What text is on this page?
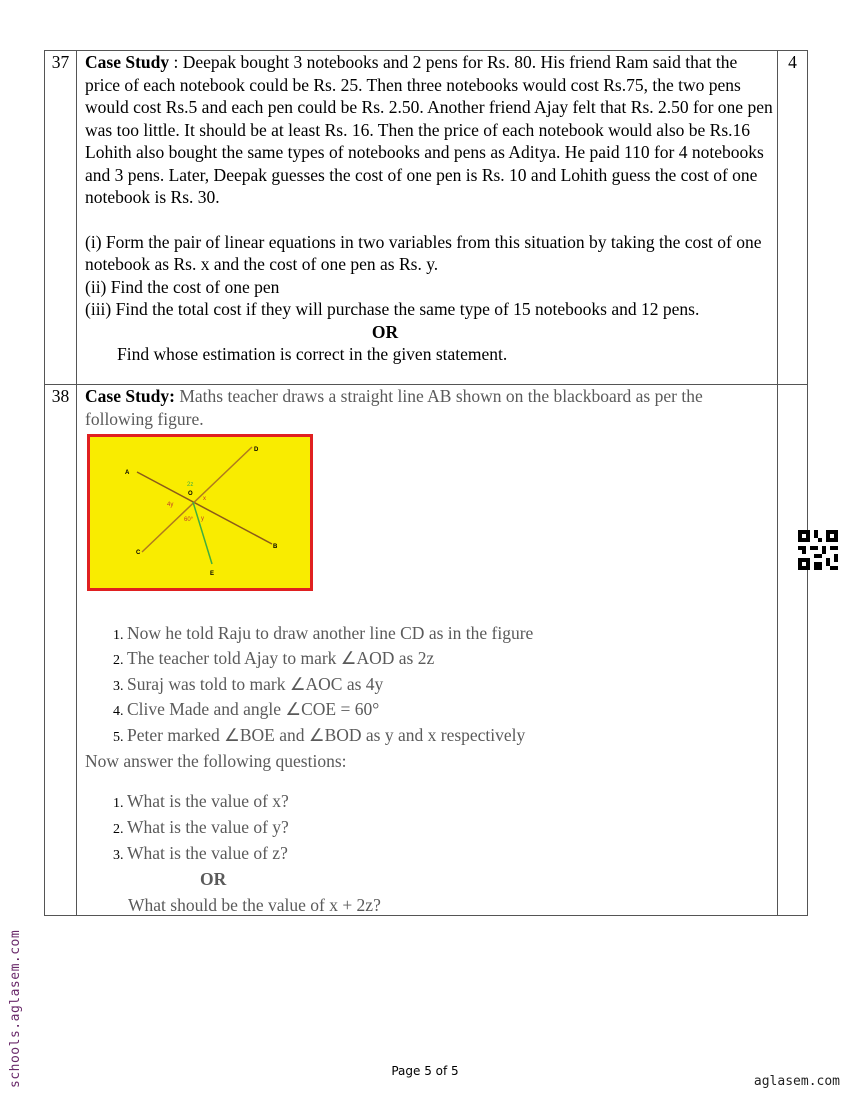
37 Case Study : Deepak bought 3 notebooks and 2 pens for Rs. 80. His friend Ram said that the price of each notebook could be Rs. 25. Then three notebooks would cost Rs.75, the two pens would cost Rs.5 and each pen could be Rs. 2.50. Another friend Ajay felt that Rs. 2.50 for one pen was too little. It should be at least Rs. 16. Then the price of each notebook would also be Rs.16

Lohith also bought the same types of notebooks and pens as Aditya. He paid 110 for 4 notebooks and 3 pens. Later, Deepak guesses the cost of one pen is Rs. 10 and Lohith guess the cost of one notebook is Rs. 30.

(i) Form the pair of linear equations in two variables from this situation by taking the cost of one notebook as Rs. x and the cost of one pen as Rs. y.

(ii) Find the cost of one pen

(iii) Find the total cost if they will purchase the same type of 15 notebooks and 12 pens.

OR

Find whose estimation is correct in the given statement.

4
38 Case Study: Maths teacher draws a straight line AB shown on the blackboard as per the following figure.

A
B
C
D
E
O
2z
x
4y
60° y
1. Now he told Raju to draw another line CD as in the figure
2. The teacher told Ajay to mark ∠AOD as 2z
3. Suraj was told to mark ∠AOC as 4y
4. Clive Made and angle ∠COE = 60°
5. Peter marked ∠BOE and ∠BOD as y and x respectively

Now answer the following questions:

1. What is the value of x?
2. What is the value of y?
3. What is the value of z?

OR

What should be the value of x + 2z?

schools.aglasem.com	Page 5 of 5
aglasem.com
